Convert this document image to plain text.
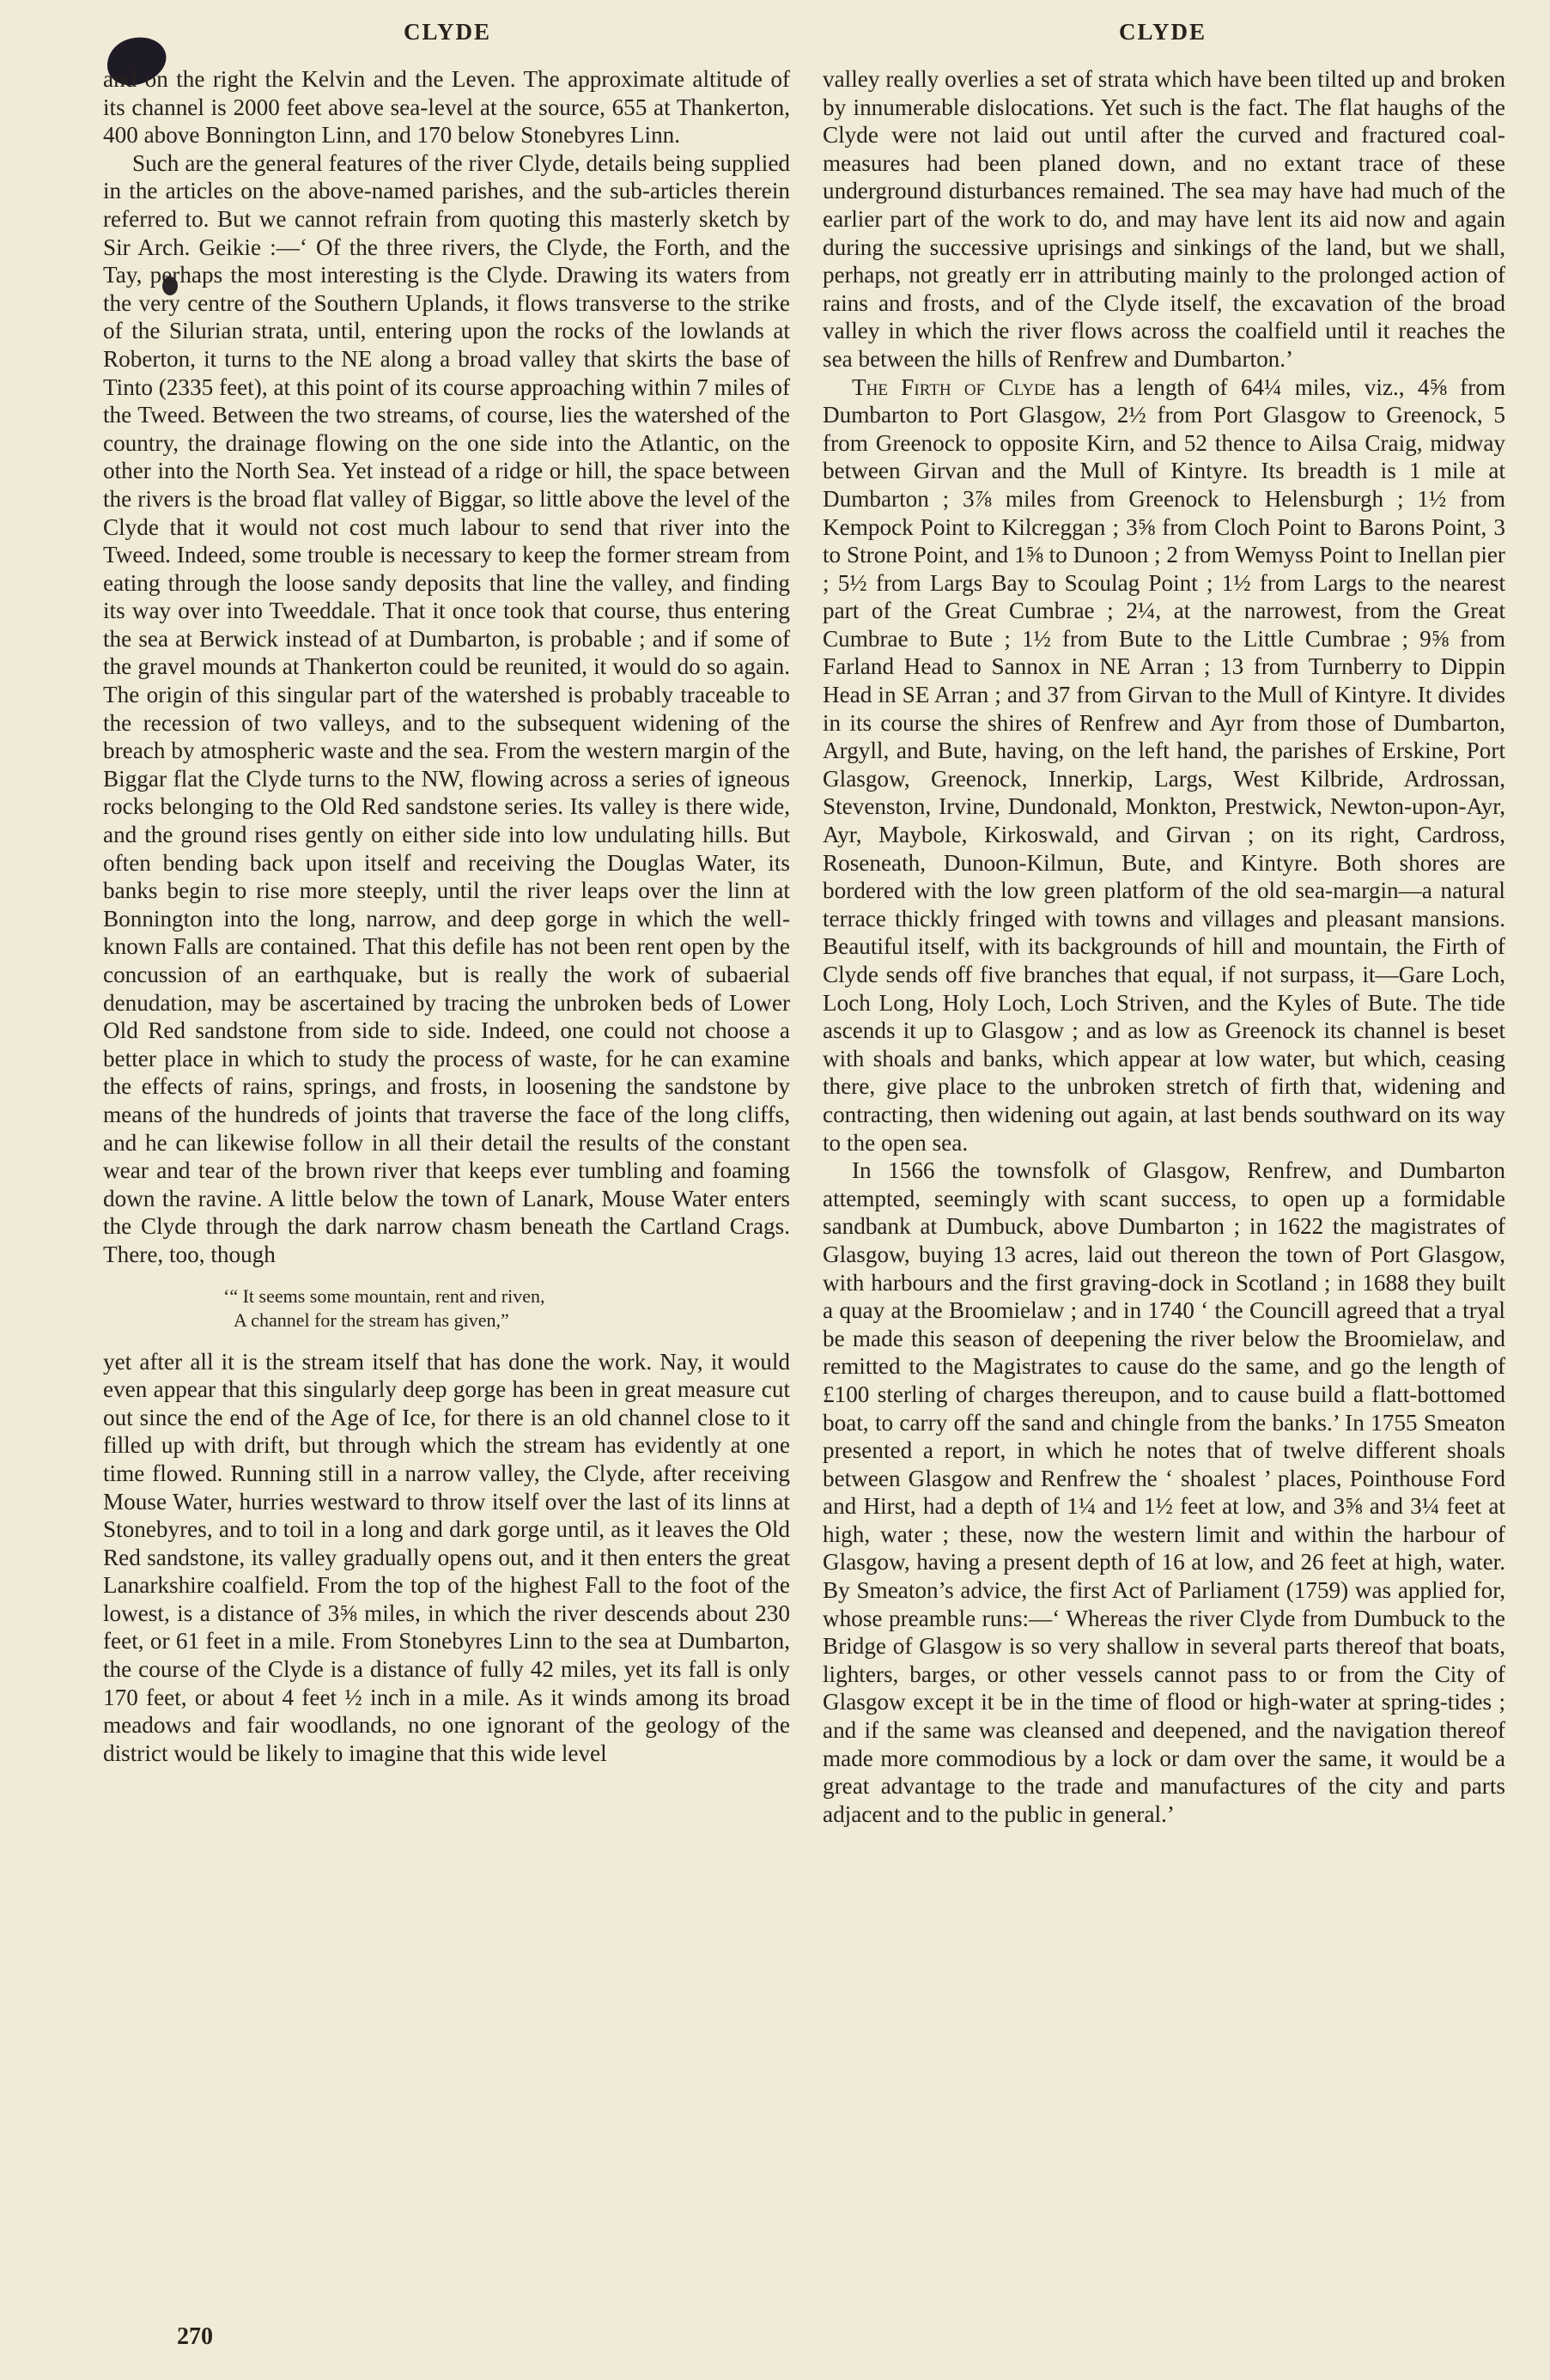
CLYDE	CLYDE

and on the right the Kelvin and the Leven. The approximate altitude of its channel is 2000 feet above sea-level at the source, 655 at Thankerton, 400 above Bonnington Linn, and 170 below Stonebyres Linn.

Such are the general features of the river Clyde, details being supplied in the articles on the above-named parishes, and the sub-articles therein referred to. But we cannot refrain from quoting this masterly sketch by Sir Arch. Geikie :—‘ Of the three rivers, the Clyde, the Forth, and the Tay, perhaps the most interesting is the Clyde. Drawing its waters from the very centre of the Southern Uplands, it flows transverse to the strike of the Silurian strata, until, entering upon the rocks of the lowlands at Roberton, it turns to the NE along a broad valley that skirts the base of Tinto (2335 feet), at this point of its course approaching within 7 miles of the Tweed. Between the two streams, of course, lies the watershed of the country, the drainage flowing on the one side into the Atlantic, on the other into the North Sea. Yet instead of a ridge or hill, the space between the rivers is the broad flat valley of Biggar, so little above the level of the Clyde that it would not cost much labour to send that river into the Tweed. Indeed, some trouble is necessary to keep the former stream from eating through the loose sandy deposits that line the valley, and finding its way over into Tweeddale. That it once took that course, thus entering the sea at Berwick instead of at Dumbarton, is probable ; and if some of the gravel mounds at Thankerton could be reunited, it would do so again. The origin of this singular part of the watershed is probably traceable to the recession of two valleys, and to the subsequent widening of the breach by atmospheric waste and the sea. From the western margin of the Biggar flat the Clyde turns to the NW, flowing across a series of igneous rocks belonging to the Old Red sandstone series. Its valley is there wide, and the ground rises gently on either side into low undulating hills. But often bending back upon itself and receiving the Douglas Water, its banks begin to rise more steeply, until the river leaps over the linn at Bonnington into the long, narrow, and deep gorge in which the well-known Falls are contained. That this defile has not been rent open by the concussion of an earthquake, but is really the work of subaerial denudation, may be ascertained by tracing the unbroken beds of Lower Old Red sandstone from side to side. Indeed, one could not choose a better place in which to study the process of waste, for he can examine the effects of rains, springs, and frosts, in loosening the sandstone by means of the hundreds of joints that traverse the face of the long cliffs, and he can likewise follow in all their detail the results of the constant wear and tear of the brown river that keeps ever tumbling and foaming down the ravine. A little below the town of Lanark, Mouse Water enters the Clyde through the dark narrow chasm beneath the Cartland Crags. There, too, though

‘“ It seems some mountain, rent and riven,
A channel for the stream has given,”

yet after all it is the stream itself that has done the work. Nay, it would even appear that this singularly deep gorge has been in great measure cut out since the end of the Age of Ice, for there is an old channel close to it filled up with drift, but through which the stream has evidently at one time flowed. Running still in a narrow valley, the Clyde, after receiving Mouse Water, hurries westward to throw itself over the last of its linns at Stonebyres, and to toil in a long and dark gorge until, as it leaves the Old Red sandstone, its valley gradually opens out, and it then enters the great Lanarkshire coalfield. From the top of the highest Fall to the foot of the lowest, is a distance of 3⅝ miles, in which the river descends about 230 feet, or 61 feet in a mile. From Stonebyres Linn to the sea at Dumbarton, the course of the Clyde is a distance of fully 42 miles, yet its fall is only 170 feet, or about 4 feet ½ inch in a mile. As it winds among its broad meadows and fair woodlands, no one ignorant of the geology of the district would be likely to imagine that this wide level

valley really overlies a set of strata which have been tilted up and broken by innumerable dislocations. Yet such is the fact. The flat haughs of the Clyde were not laid out until after the curved and fractured coal-measures had been planed down, and no extant trace of these underground disturbances remained. The sea may have had much of the earlier part of the work to do, and may have lent its aid now and again during the successive uprisings and sinkings of the land, but we shall, perhaps, not greatly err in attributing mainly to the prolonged action of rains and frosts, and of the Clyde itself, the excavation of the broad valley in which the river flows across the coalfield until it reaches the sea between the hills of Renfrew and Dumbarton.’

The Firth of Clyde has a length of 64¼ miles, viz., 4⅝ from Dumbarton to Port Glasgow, 2½ from Port Glasgow to Greenock, 5 from Greenock to opposite Kirn, and 52 thence to Ailsa Craig, midway between Girvan and the Mull of Kintyre. Its breadth is 1 mile at Dumbarton ; 3⅞ miles from Greenock to Helensburgh ; 1½ from Kempock Point to Kilcreggan ; 3⅝ from Cloch Point to Barons Point, 3 to Strone Point, and 1⅝ to Dunoon ; 2 from Wemyss Point to Inellan pier ; 5½ from Largs Bay to Scoulag Point ; 1½ from Largs to the nearest part of the Great Cumbrae ; 2¼, at the narrowest, from the Great Cumbrae to Bute ; 1½ from Bute to the Little Cumbrae ; 9⅝ from Farland Head to Sannox in NE Arran ; 13 from Turnberry to Dippin Head in SE Arran ; and 37 from Girvan to the Mull of Kintyre. It divides in its course the shires of Renfrew and Ayr from those of Dumbarton, Argyll, and Bute, having, on the left hand, the parishes of Erskine, Port Glasgow, Greenock, Innerkip, Largs, West Kilbride, Ardrossan, Stevenston, Irvine, Dundonald, Monkton, Prestwick, Newton-upon-Ayr, Ayr, Maybole, Kirkoswald, and Girvan ; on its right, Cardross, Roseneath, Dunoon-Kilmun, Bute, and Kintyre. Both shores are bordered with the low green platform of the old sea-margin—a natural terrace thickly fringed with towns and villages and pleasant mansions. Beautiful itself, with its backgrounds of hill and mountain, the Firth of Clyde sends off five branches that equal, if not surpass, it—Gare Loch, Loch Long, Holy Loch, Loch Striven, and the Kyles of Bute. The tide ascends it up to Glasgow ; and as low as Greenock its channel is beset with shoals and banks, which appear at low water, but which, ceasing there, give place to the unbroken stretch of firth that, widening and contracting, then widening out again, at last bends southward on its way to the open sea.

In 1566 the townsfolk of Glasgow, Renfrew, and Dumbarton attempted, seemingly with scant success, to open up a formidable sandbank at Dumbuck, above Dumbarton ; in 1622 the magistrates of Glasgow, buying 13 acres, laid out thereon the town of Port Glasgow, with harbours and the first graving-dock in Scotland ; in 1688 they built a quay at the Broomielaw ; and in 1740 ‘ the Councill agreed that a tryal be made this season of deepening the river below the Broomielaw, and remitted to the Magistrates to cause do the same, and go the length of £100 sterling of charges thereupon, and to cause build a flatt-bottomed boat, to carry off the sand and chingle from the banks.’ In 1755 Smeaton presented a report, in which he notes that of twelve different shoals between Glasgow and Renfrew the ‘ shoalest ’ places, Pointhouse Ford and Hirst, had a depth of 1¼ and 1½ feet at low, and 3⅝ and 3¼ feet at high, water ; these, now the western limit and within the harbour of Glasgow, having a present depth of 16 at low, and 26 feet at high, water. By Smeaton’s advice, the first Act of Parliament (1759) was applied for, whose preamble runs:—‘ Whereas the river Clyde from Dumbuck to the Bridge of Glasgow is so very shallow in several parts thereof that boats, lighters, barges, or other vessels cannot pass to or from the City of Glasgow except it be in the time of flood or high-water at spring-tides ; and if the same was cleansed and deepened, and the navigation thereof made more commodious by a lock or dam over the same, it would be a great advantage to the trade and manufactures of the city and parts adjacent and to the public in general.’

270
